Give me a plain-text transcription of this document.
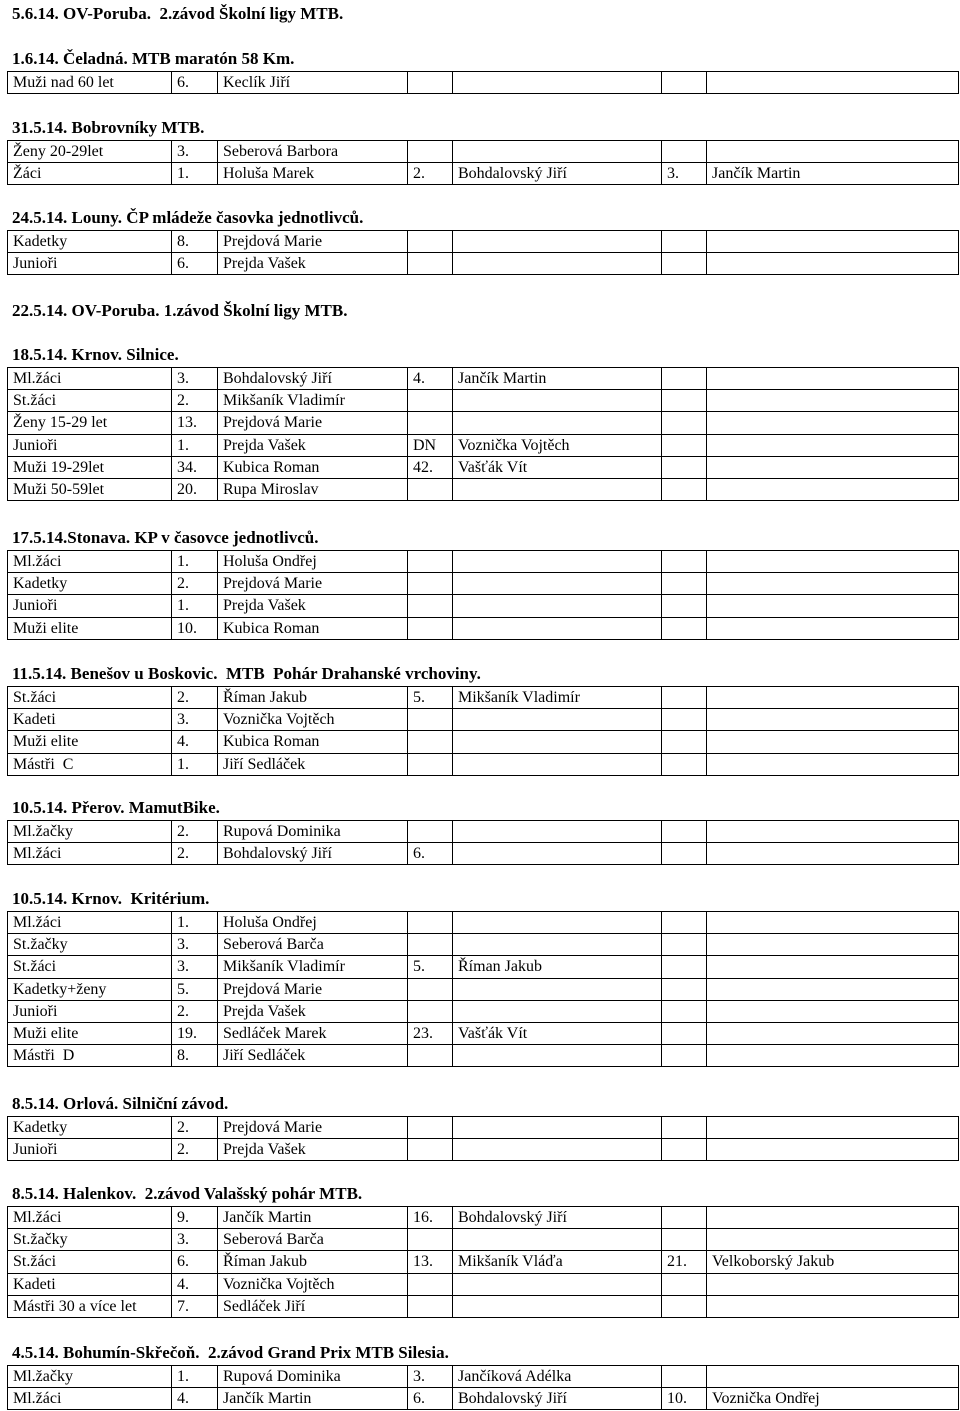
5.6.14. OV-Poruba.  2.závod Školní ligy MTB.
1.6.14. Čeladná. MTB maratón 58 Km.
Muži nad 60 let	6.	Keclík Jiří				
31.5.14. Bobrovníky MTB.
Ženy 20-29let	3.	Seberová Barbora				
Žáci	1.	Holuša Marek	2.	Bohdalovský Jiří	3.	Jančík Martin
24.5.14. Louny. ČP mládeže časovka jednotlivců.
Kadetky	8.	Prejdová Marie				
Junioři	6.	Prejda Vašek				
22.5.14. OV-Poruba. 1.závod Školní ligy MTB.
18.5.14. Krnov. Silnice.
Ml.žáci	3.	Bohdalovský Jiří	4.	Jančík Martin		
St.žáci	2.	Mikšaník Vladimír				
Ženy 15-29 let	13.	Prejdová Marie				
Junioři	1.	Prejda Vašek	DN	Voznička Vojtěch		
Muži 19-29let	34.	Kubica Roman	42.	Vašťák Vít		
Muži 50-59let	20.	Rupa Miroslav				
17.5.14.Stonava. KP v časovce jednotlivců.
Ml.žáci	1.	Holuša Ondřej				
Kadetky	2.	Prejdová Marie				
Junioři	1.	Prejda Vašek				
Muži elite	10.	Kubica Roman				
11.5.14. Benešov u Boskovic.  MTB  Pohár Drahanské vrchoviny.
St.žáci	2.	Říman Jakub	5.	Mikšaník Vladimír		
Kadeti	3.	Voznička Vojtěch				
Muži elite	4.	Kubica Roman				
Mástři  C	1.	Jiří Sedláček				
10.5.14. Přerov. MamutBike.
Ml.žačky	2.	Rupová Dominika				
Ml.žáci	2.	Bohdalovský Jiří	6.			
10.5.14. Krnov.  Kritérium.
Ml.žáci	1.	Holuša Ondřej				
St.žačky	3.	Seberová Barča				
St.žáci	3.	Mikšaník Vladimír	5.	Říman Jakub		
Kadetky+ženy	5.	Prejdová Marie				
Junioři	2.	Prejda Vašek				
Muži elite	19.	Sedláček Marek	23.	Vašťák Vít		
Mástři  D	8.	Jiří Sedláček				
8.5.14. Orlová. Silniční závod.
Kadetky	2.	Prejdová Marie				
Junioři	2.	Prejda Vašek				
8.5.14. Halenkov.  2.závod Valašský pohár MTB.
Ml.žáci	9.	Jančík Martin	16.	Bohdalovský Jiří		
St.žačky	3.	Seberová Barča				
St.žáci	6.	Říman Jakub	13.	Mikšaník Vláďa	21.	Velkoborský Jakub
Kadeti	4.	Voznička Vojtěch				
Mástři 30 a více let	7.	Sedláček Jiří				
4.5.14. Bohumín-Skřečoň.  2.závod Grand Prix MTB Silesia.
Ml.žačky	1.	Rupová Dominika	3.	Jančíková Adélka		
Ml.žáci	4.	Jančík Martin	6.	Bohdalovský Jiří	10.	Voznička Ondřej
